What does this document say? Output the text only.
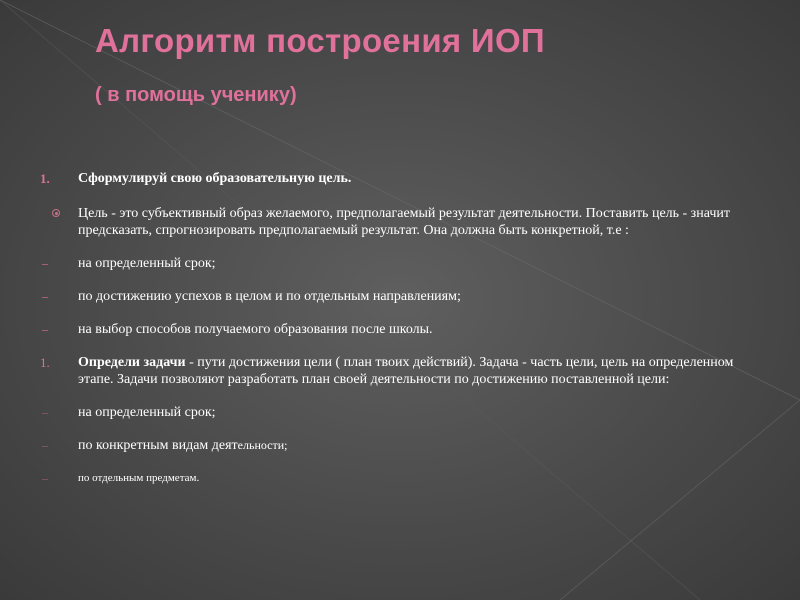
Алгоритм построения ИОП
( в помощь ученику)
1.	Сформулируй свою образовательную цель.
Цель - это субъективный образ желаемого, предполагаемый результат деятельности. Поставить цель - значит предсказать, спрогнозировать предполагаемый результат. Она должна быть конкретной, т.е :
– на определенный срок;
– по достижению успехов в целом и по отдельным направлениям;
– на выбор способов получаемого образования после школы.
1.	Определи задачи - пути достижения цели ( план твоих действий). Задача - часть цели, цель на определенном этапе. Задачи позволяют разработать план своей деятельности по достижению поставленной цели:
– на определенный срок;
– по конкретным видам деятельности;
–	по отдельным предметам.
